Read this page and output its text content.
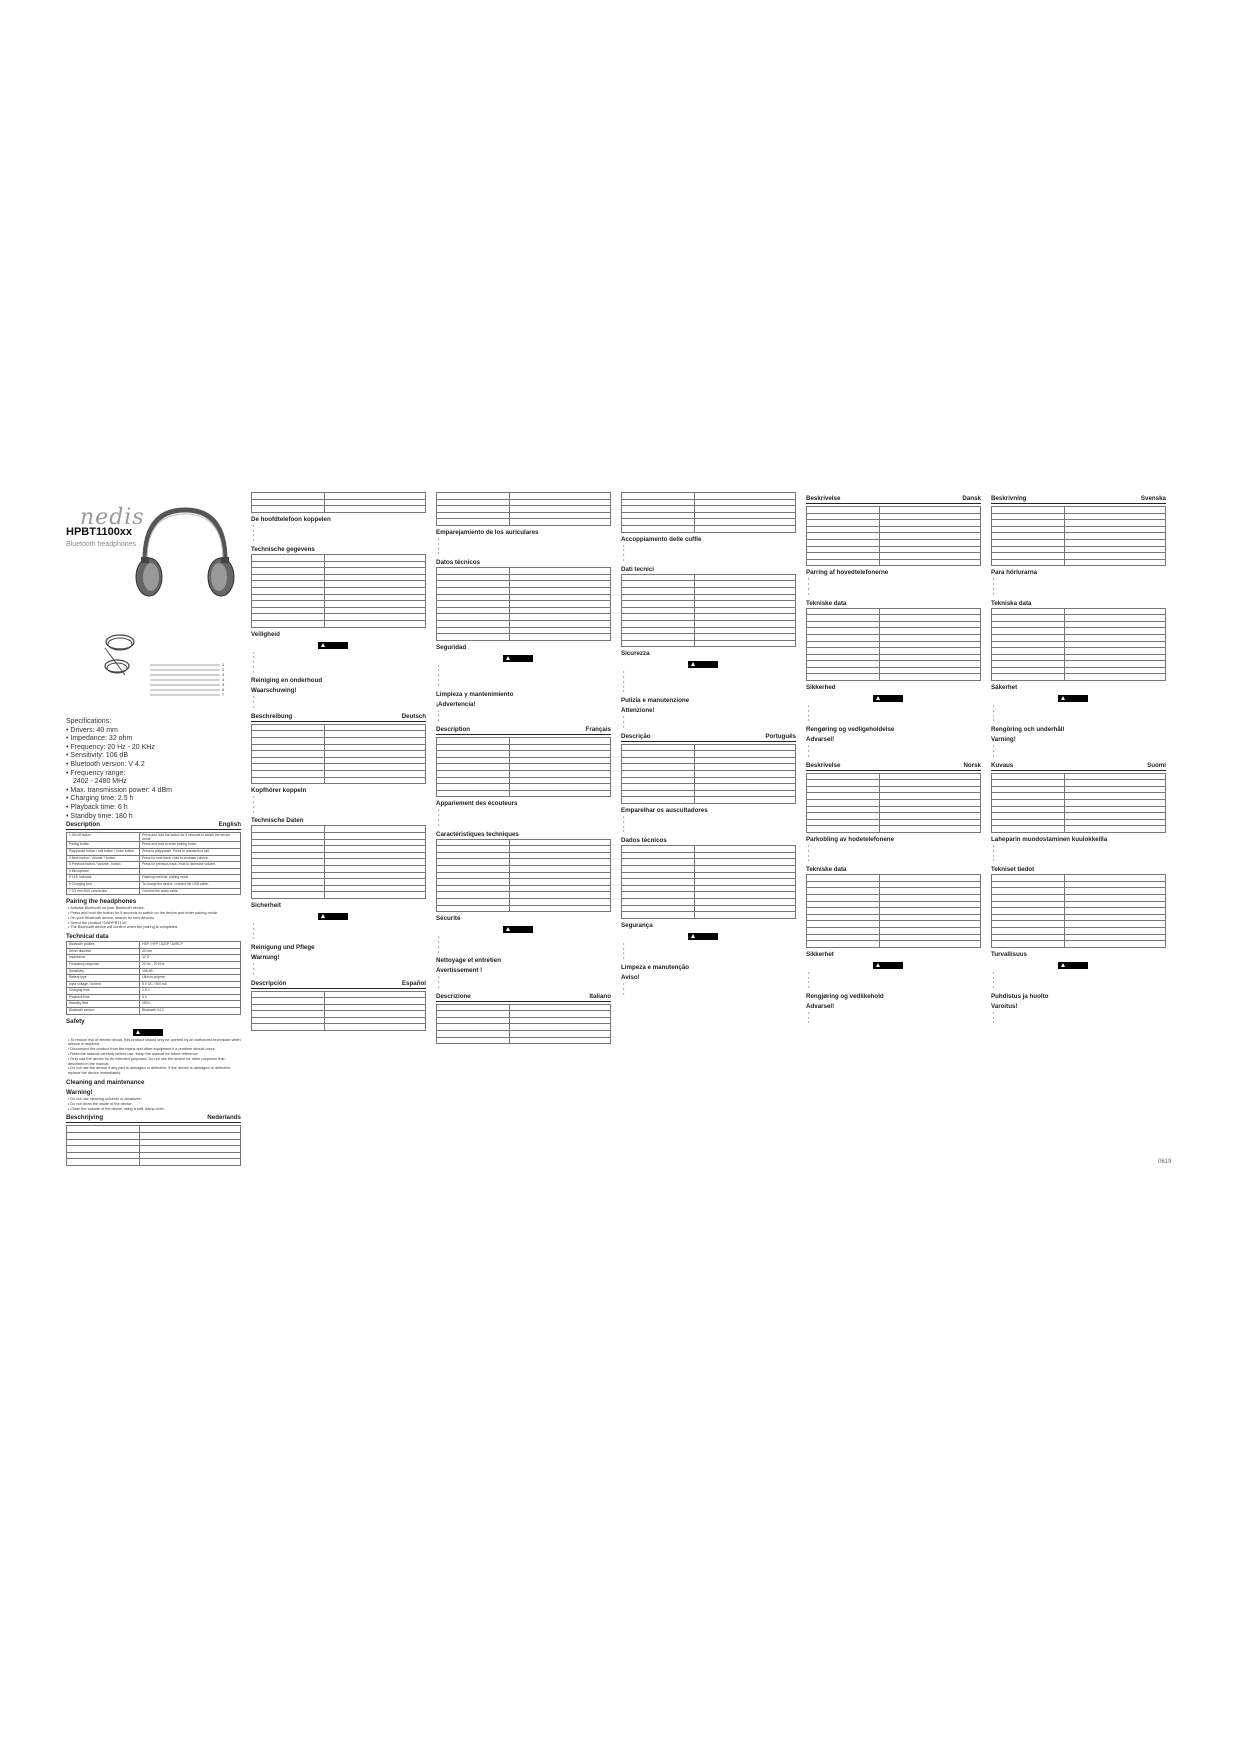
nedis
HPBT1100xx
Bluetooth headphones
1
2
3
4
5
6
7
Specifications:
• Drivers: 40 mm
• Impedance: 32 ohm
• Frequency: 20 Hz - 20 KHz
• Sensitivity: 106 dB
• Bluetooth version: V 4.2
• Frequency range:
2402 - 2480 MHz
• Max. transmission power: 4 dBm
• Charging time: 2.5 h
• Playback time: 6 h
• Standby time: 180 h
Description	English
1 On/off button	Press and hold the button for 5 seconds to switch the device on/off.
Pairing button	Press and hold to enter pairing mode.
Play/pause button / call button / Voice button	Press to play/pause. Press to answer/end call.
2 Next button / Volume + button	Press for next track. Hold to increase volume.
3 Previous button / Volume - button	Press for previous track. Hold to decrease volume.
4 Microphone	
5 LED indicator	Flashing red/blue: pairing mode.
6 Charging port	To charge the device, connect the USB cable.
7 3.5 mm AUX connection	Connect the audio cable.
Pairing the headphones
• Activate Bluetooth on your Bluetooth device.
• Press and hold the button for 5 seconds to switch on the device and enter pairing mode.
• On your Bluetooth device, search for new devices.
• Select the product “SWHPBT100”.
• The Bluetooth device will confirm when the pairing is completed.
Technical data
Bluetooth profiles	HSP / HFP / A2DP / AVRCP
Driver diameter	40 mm
Impedance	32 Ω
Frequency response	20 Hz - 20 KHz
Sensitivity	106 dB
Battery type	Lithium polymer
Input voltage / current	5 V DC / 500 mA
Charging time	2.5 h
Playback time	6 h
Standby time	180 h
Bluetooth version	Bluetooth V4.2
Safety
• To reduce risk of electric shock, this product should only be opened by an authorized technician when service is required.
• Disconnect the product from the mains and other equipment if a problem should occur.
• Read the manual carefully before use. Keep the manual for future reference.
• Only use the device for its intended purposes. Do not use the device for other purposes than described in the manual.
• Do not use the device if any part is damaged or defective. If the device is damaged or defective, replace the device immediately.
Cleaning and maintenance
Warning!
• Do not use cleaning solvents or abrasives.
• Do not clean the inside of the device.
• Clean the outside of the device using a soft, damp cloth.
Beschrijving	Nederlands

De hoofdtelefoon koppelen
•
•
•
•
Technische gegevens

Veiligheid
•
•
•
•
•
Reiniging en onderhoud
Waarschuwing!
•
•
•
Beschreibung	Deutsch

Kopfhörer koppeln
•
•
•
•
Technische Daten

Sicherheit
•
•
•
•
Reinigung und Pflege
Warnung!
•
•
•
Descripción	Español

Emparejamiento de los auriculares
•
•
•
•
Datos técnicos

Seguridad
•
•
•
•
•
Limpieza y mantenimiento
¡Advertencia!
•
•
•
Description	Français

Appariement des écouteurs
•
•
•
•
Caractéristiques techniques

Sécurité
•
•
•
•
Nettoyage et entretien
Avertissement !
•
•
•
Descrizione	Italiano

Accoppiamento delle cuffie
•
•
•
•
Dati tecnici

Sicurezza
•
•
•
•
•
Pulizia e manutenzione
Attenzione!
•
•
•
Descrição	Português

Emparelhar os auscultadores
•
•
•
•
Dados técnicos

Segurança
•
•
•
•
Limpeza e manutenção
Aviso!
•
•
•
Beskrivelse	Dansk

Parring af hovedtelefonerne
•
•
•
•
Tekniske data

Sikkerhed
•
•
•
•
Rengøring og vedligeholdelse
Advarsel!
•
•
•
Beskrivelse	Norsk

Parkobling av hodetelefonene
•
•
•
•
Tekniske data

Sikkerhet
•
•
•
•
Rengjøring og vedlikehold
Advarsel!
•
•
•
Beskrivning	Svenska

Para hörlurarna
•
•
•
•
Tekniska data

Säkerhet
•
•
•
•
Rengöring och underhåll
Varning!
•
•
•
Kuvaus	Suomi

Laheparin muodostaminen kuulokkeilla
•
•
•
•
Tekniset tiedot

Turvallisuus
•
•
•
•
Puhdistus ja huolto
Varoitus!
•
•
•
0619
